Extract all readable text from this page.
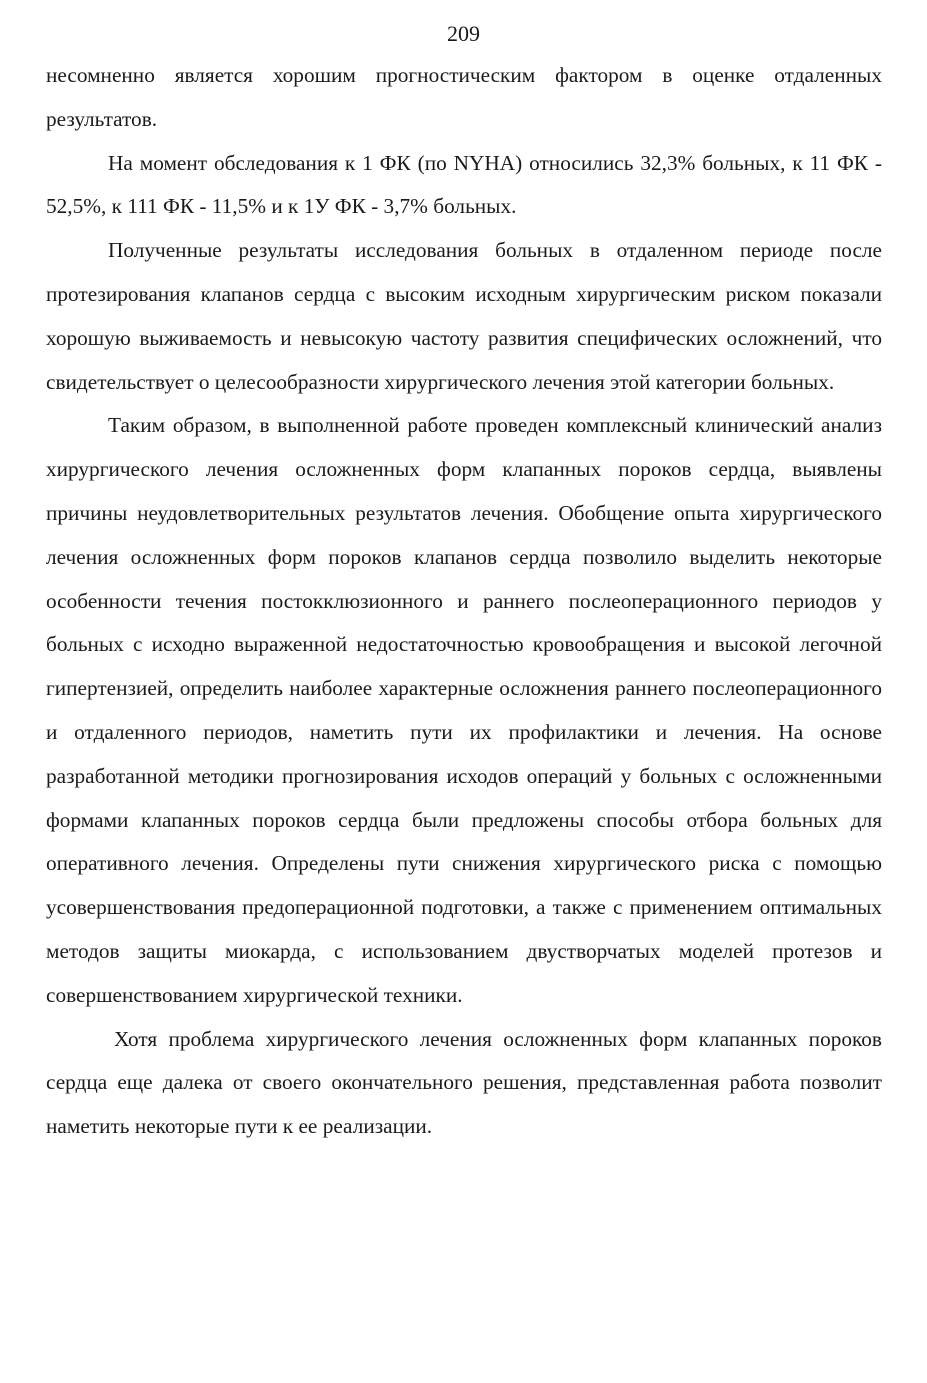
209

несомненно является хорошим прогностическим фактором в оценке отдаленных результатов.

На момент обследования к 1 ФК (по NYHA) относились 32,3% больных, к 11 ФК - 52,5%, к 111 ФК - 11,5% и к 1У ФК - 3,7% больных.

Полученные результаты исследования больных в отдаленном периоде после протезирования клапанов сердца с высоким исходным хирургическим риском показали хорошую выживаемость и невысокую частоту развития специфических осложнений, что свидетельствует о целесообразности хирургического лечения этой категории больных.

Таким образом, в выполненной работе проведен комплексный клинический анализ хирургического лечения осложненных форм клапанных пороков сердца, выявлены причины неудовлетворительных результатов лечения. Обобщение опыта хирургического лечения осложненных форм пороков клапанов сердца позволило выделить некоторые особенности течения постокклюзионного и раннего послеоперационного периодов у больных с исходно выраженной недостаточностью кровообращения и высокой легочной гипертензией, определить наиболее характерные осложнения раннего послеоперационного и отдаленного периодов, наметить пути их профилактики и лечения. На основе разработанной методики прогнозирования исходов операций у больных с осложненными формами клапанных пороков сердца были предложены способы отбора больных для оперативного лечения. Определены пути снижения хирургического риска с помощью усовершенствования предоперационной подготовки, а также с применением оптимальных методов защиты миокарда, с использованием двустворчатых моделей протезов и совершенствованием хирургической техники.

Хотя проблема хирургического лечения осложненных форм клапанных пороков сердца еще далека от своего окончательного решения, представленная работа позволит наметить некоторые пути к ее реализации.
